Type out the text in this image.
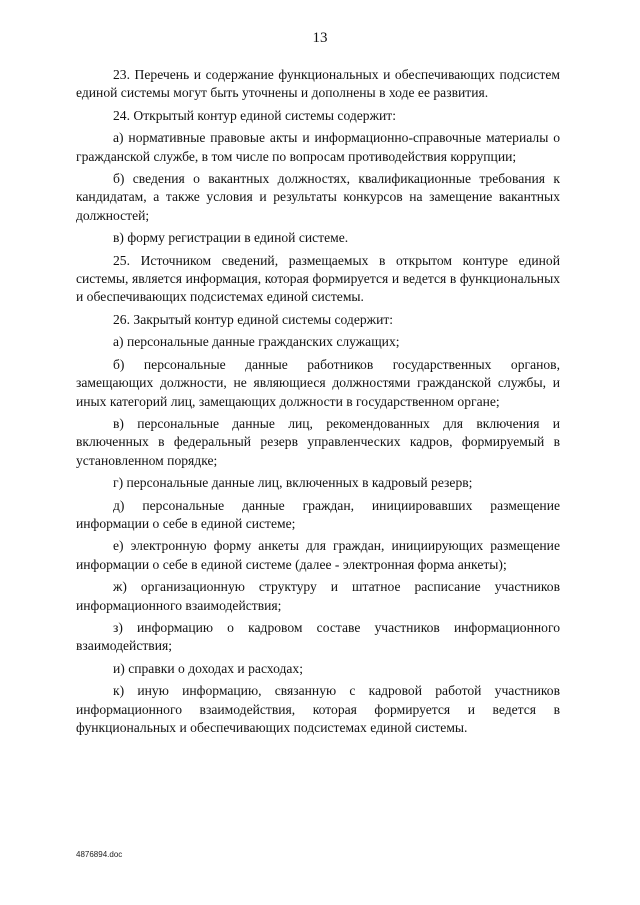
13

23. Перечень и содержание функциональных и обеспечивающих подсистем единой системы могут быть уточнены и дополнены в ходе ее развития.

24. Открытый контур единой системы содержит:

а) нормативные правовые акты и информационно-справочные материалы о гражданской службе, в том числе по вопросам противодействия коррупции;

б) сведения о вакантных должностях, квалификационные требования к кандидатам, а также условия и результаты конкурсов на замещение вакантных должностей;

в) форму регистрации в единой системе.

25. Источником сведений, размещаемых в открытом контуре единой системы, является информация, которая формируется и ведется в функциональных и обеспечивающих подсистемах единой системы.

26. Закрытый контур единой системы содержит:

а) персональные данные гражданских служащих;

б) персональные данные работников государственных органов, замещающих должности, не являющиеся должностями гражданской службы, и иных категорий лиц, замещающих должности в государственном органе;

в) персональные данные лиц, рекомендованных для включения и включенных в федеральный резерв управленческих кадров, формируемый в установленном порядке;

г) персональные данные лиц, включенных в кадровый резерв;

д) персональные данные граждан, инициировавших размещение информации о себе в единой системе;

е) электронную форму анкеты для граждан, инициирующих размещение информации о себе в единой системе (далее - электронная форма анкеты);

ж) организационную структуру и штатное расписание участников информационного взаимодействия;

з) информацию о кадровом составе участников информационного взаимодействия;

и) справки о доходах и расходах;

к) иную информацию, связанную с кадровой работой участников информационного взаимодействия, которая формируется и ведется в функциональных и обеспечивающих подсистемах единой системы.

4876894.doc
